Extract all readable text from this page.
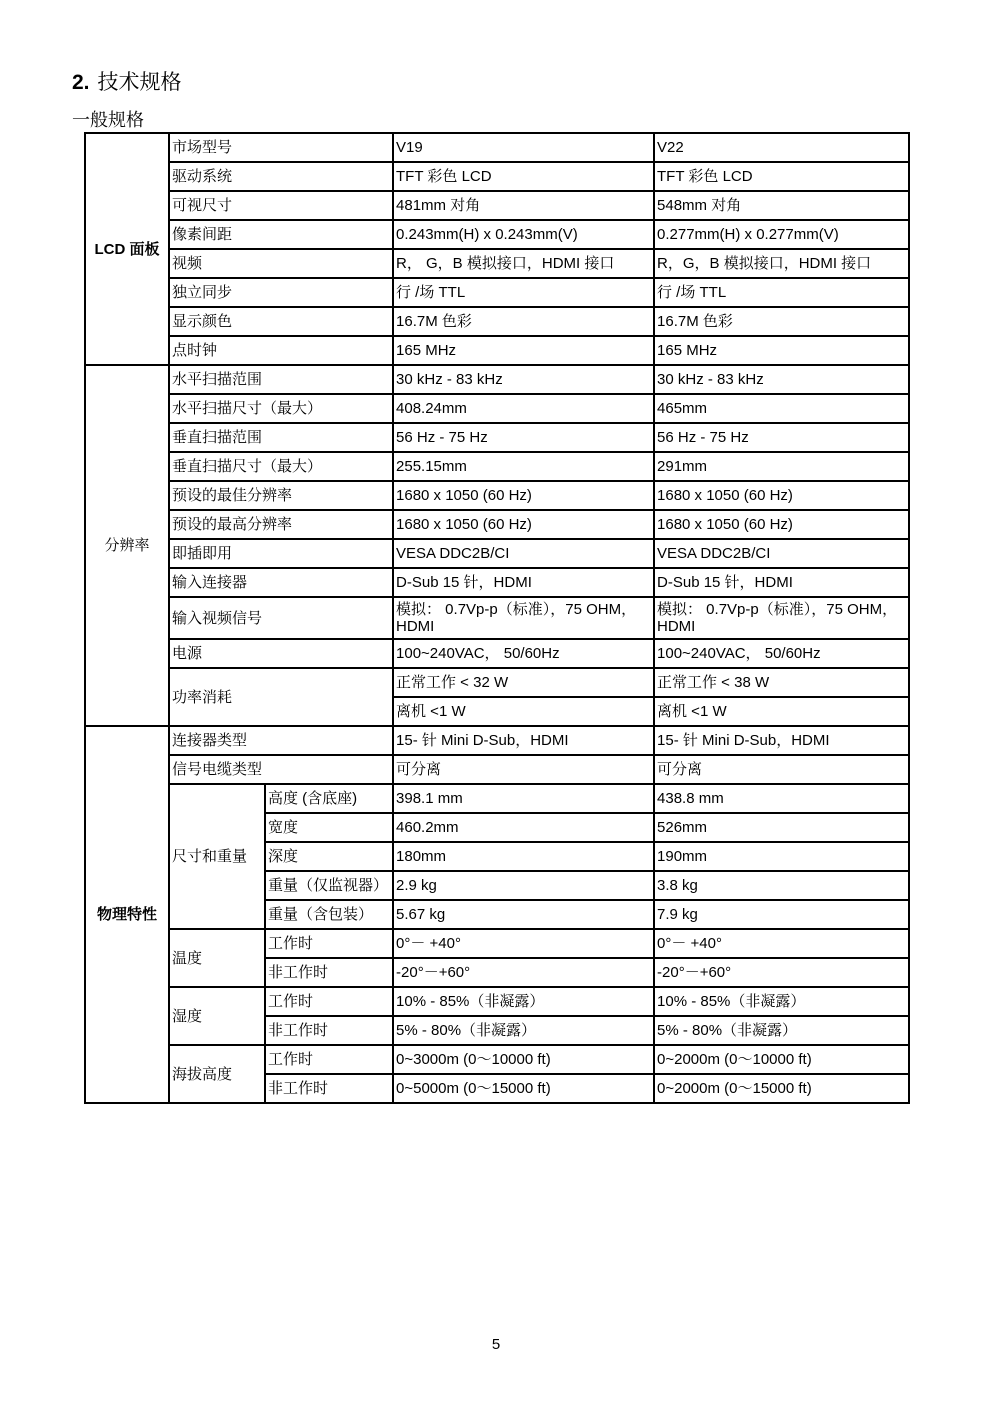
2. 技术规格
一般规格
LCD 面板	市场型号		V19	V22
	驱动系统		TFT 彩色 LCD	TFT 彩色 LCD
	可视尺寸		481mm 对角	548mm 对角
	像素间距		0.243mm(H) x 0.243mm(V)	0.277mm(H) x 0.277mm(V)
	视频		R， G，B 模拟接口，HDMI 接口	R，G，B 模拟接口，HDMI 接口
	独立同步		行 /场 TTL	行 /场 TTL
	显示颜色		16.7M 色彩	16.7M 色彩
	点时钟		165 MHz	165 MHz
分辨率	水平扫描范围		30 kHz - 83 kHz	30 kHz - 83 kHz
	水平扫描尺寸（最大）		408.24mm	465mm
	垂直扫描范围		56 Hz - 75 Hz	56 Hz - 75 Hz
	垂直扫描尺寸（最大）		255.15mm	291mm
	预设的最佳分辨率		1680 x 1050 (60 Hz)	1680 x 1050 (60 Hz)
	预设的最高分辨率		1680 x 1050 (60 Hz)	1680 x 1050 (60 Hz)
	即插即用		VESA DDC2B/CI	VESA DDC2B/CI
	输入连接器		D-Sub 15 针，HDMI	D-Sub 15 针，HDMI
	输入视频信号		模拟： 0.7Vp-p（标准），75 OHM，HDMI	模拟： 0.7Vp-p（标准），75 OHM，HDMI
	电源		100~240VAC， 50/60Hz	100~240VAC， 50/60Hz
	功率消耗		正常工作 < 32 W	正常工作 < 38 W
			离机 <1 W	离机 <1 W
物理特性	连接器类型		15- 针 Mini D-Sub，HDMI	15- 针 Mini D-Sub，HDMI
	信号电缆类型		可分离	可分离
	尺寸和重量	高度 (含底座)	398.1 mm	438.8 mm
		宽度	460.2mm	526mm
		深度	180mm	190mm
		重量（仅监视器）	2.9 kg	3.8 kg
		重量（含包装）	5.67 kg	7.9 kg
	温度	工作时	0°－ +40°	0°－ +40°
		非工作时	-20°－+60°	-20°－+60°
	湿度	工作时	10% - 85%（非凝露）	10% - 85%（非凝露）
		非工作时	5% - 80%（非凝露）	5% - 80%（非凝露）
	海拔高度	工作时	0~3000m (0～10000 ft)	0~2000m (0～10000 ft)
		非工作时	0~5000m (0～15000 ft)	0~2000m (0～15000 ft)
5
